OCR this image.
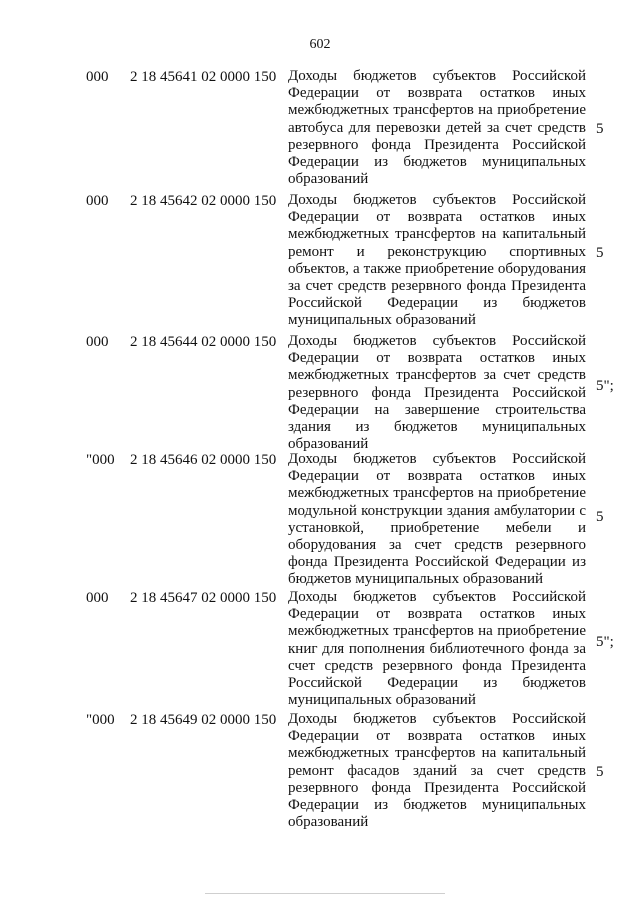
602
000 2 18 45641 02 0000 150 Доходы бюджетов субъектов Российской Федерации от возврата остатков иных межбюджетных трансфертов на приобретение автобуса для перевозки детей за счет средств резервного фонда Президента Российской Федерации из бюджетов муниципальных образований
5
000 2 18 45642 02 0000 150 Доходы бюджетов субъектов Российской Федерации от возврата остатков иных межбюджетных трансфертов на капитальный ремонт и реконструкцию спортивных объектов, а также приобретение оборудования за счет средств резервного фонда Президента Российской Федерации из бюджетов муниципальных образований
5
000 2 18 45644 02 0000 150 Доходы бюджетов субъектов Российской Федерации от возврата остатков иных межбюджетных трансфертов за счет средств резервного фонда Президента Российской Федерации на завершение строительства здания из бюджетов муниципальных образований
5";
"000 2 18 45646 02 0000 150 Доходы бюджетов субъектов Российской Федерации от возврата остатков иных межбюджетных трансфертов на приобретение модульной конструкции здания амбулатории с установкой, приобретение мебели и оборудования за счет средств резервного фонда Президента Российской Федерации из бюджетов муниципальных образований
5
000 2 18 45647 02 0000 150 Доходы бюджетов субъектов Российской Федерации от возврата остатков иных межбюджетных трансфертов на приобретение книг для пополнения библиотечного фонда за счет средств резервного фонда Президента Российской Федерации из бюджетов муниципальных образований
5";
"000 2 18 45649 02 0000 150 Доходы бюджетов субъектов Российской Федерации от возврата остатков иных межбюджетных трансфертов на капитальный ремонт фасадов зданий за счет средств резервного фонда Президента Российской Федерации из бюджетов муниципальных образований
5
